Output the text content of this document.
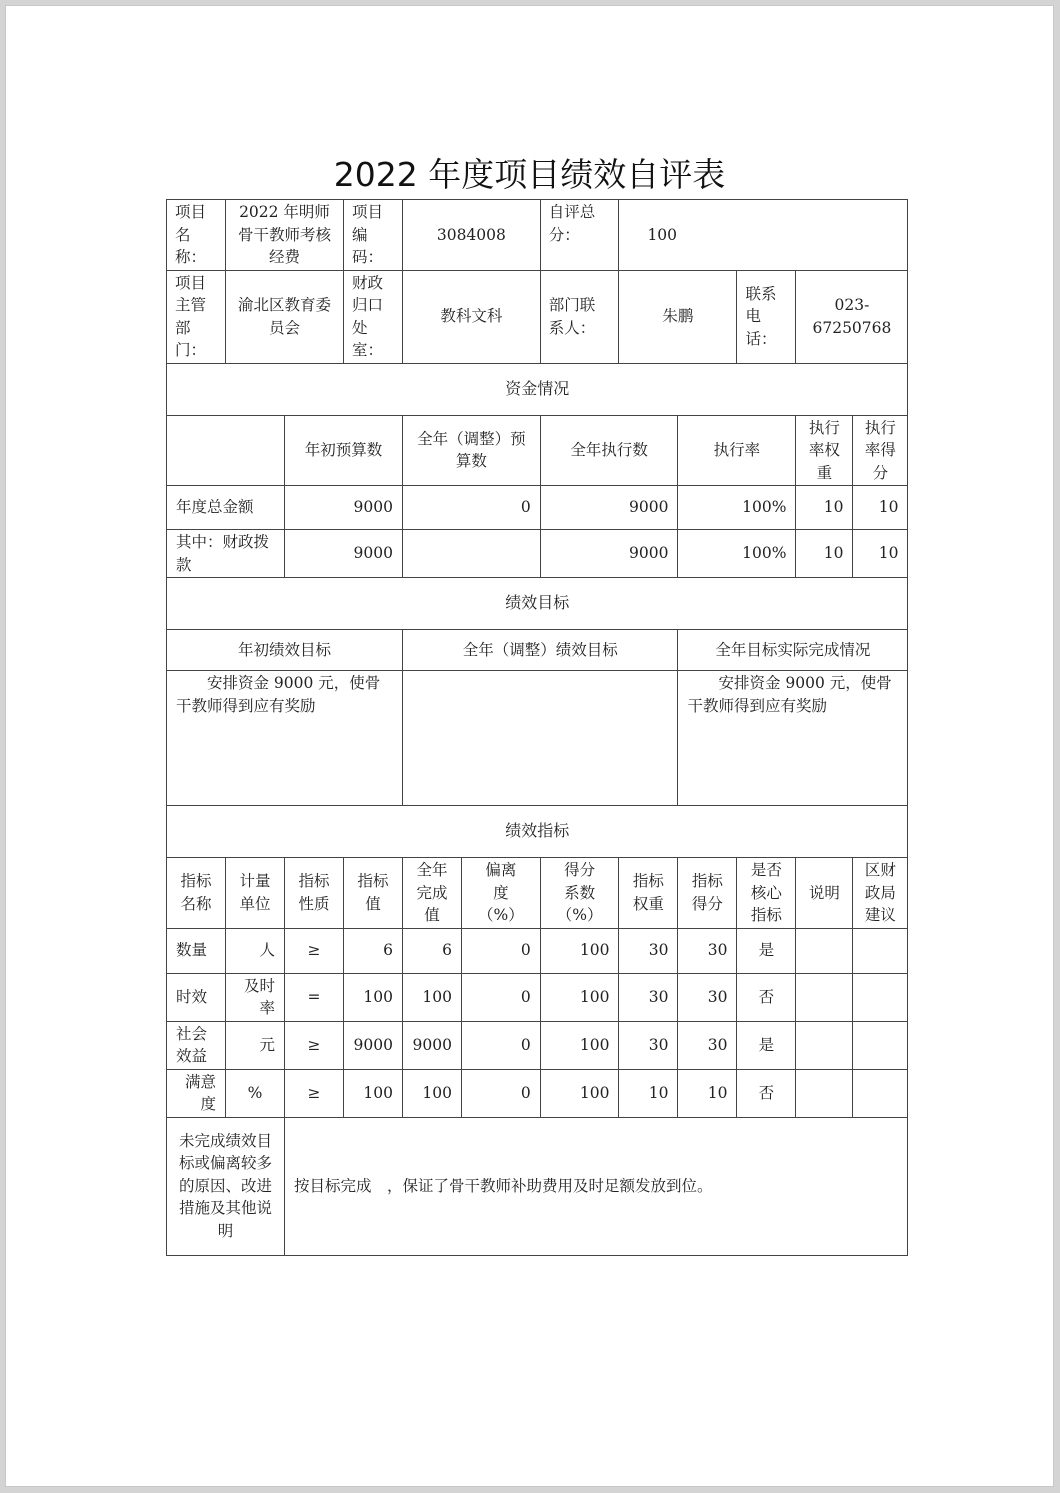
2022 年度项目绩效自评表
项目名称：	2022 年明师骨干教师考核经费		项目编码：	3084008		自评总分：	100				
项目主管部门：	渝北区教育委员会		财政归口处室：	教科文科		部门联系人：	朱鹏		联系电话：	023-67250768	
资金情况											
		年初预算数		全年（调整）预算数		全年执行数		执行率		执行率权重	执行率得分
年度总金额		9000		0		9000		100%		10	10
其中：财政拨款		9000				9000		100%		10	10
绩效目标											
年初绩效目标				全年（调整）绩效目标				全年目标实际完成情况			
安排资金 9000 元，使骨干教师得到应有奖励								安排资金 9000 元，使骨干教师得到应有奖励			
绩效指标											
指标名称	计量单位	指标性质	指标值	全年完成值	偏离度（%）	得分系数（%）	指标权重	指标得分	是否核心指标	说明	区财政局建议
数量	人	≥	6	6	0	100	30	30	是		
时效	及时率	=	100	100	0	100	30	30	否		
社会效益	元	≥	9000	9000	0	100	30	30	是		
满意度	%	≥	100	100	0	100	10	10	否		
未完成绩效目标或偏离较多的原因、改进措施及其他说明		按目标完成　，保证了骨干教师补助费用及时足额发放到位。									
